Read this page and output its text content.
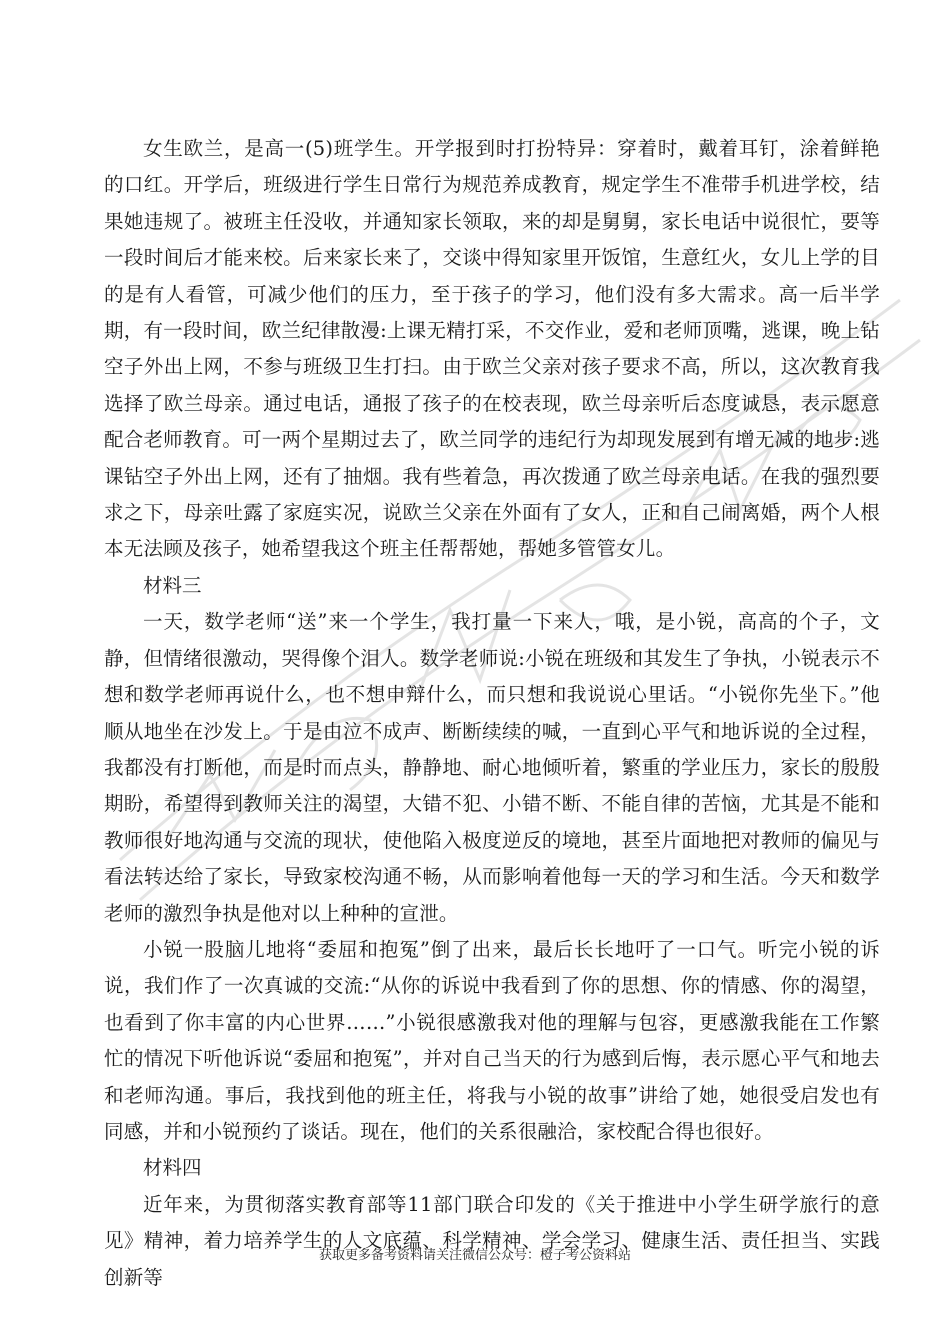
女生欧兰，是高一(5)班学生。开学报到时打扮特异：穿着时，戴着耳钉，涂着鲜艳的口红。开学后，班级进行学生日常行为规范养成教育，规定学生不准带手机进学校，结果她违规了。被班主任没收，并通知家长领取，来的却是舅舅，家长电话中说很忙，要等一段时间后才能来校。后来家长来了，交谈中得知家里开饭馆，生意红火，女儿上学的目的是有人看管，可减少他们的压力，至于孩子的学习，他们没有多大需求。高一后半学期，有一段时间，欧兰纪律散漫:上课无精打采，不交作业，爱和老师顶嘴，逃课，晚上钻空子外出上网，不参与班级卫生打扫。由于欧兰父亲对孩子要求不高，所以，这次教育我选择了欧兰母亲。通过电话，通报了孩子的在校表现，欧兰母亲听后态度诚恳，表示愿意配合老师教育。可一两个星期过去了，欧兰同学的违纪行为却现发展到有增无减的地步:逃课钻空子外出上网，还有了抽烟。我有些着急，再次拨通了欧兰母亲电话。在我的强烈要求之下，母亲吐露了家庭实况，说欧兰父亲在外面有了女人，正和自己闹离婚，两个人根本无法顾及孩子，她希望我这个班主任帮帮她，帮她多管管女儿。

材料三

一天，数学老师“送”来一个学生，我打量一下来人，哦，是小锐，高高的个子，文静，但情绪很激动，哭得像个泪人。数学老师说:小锐在班级和其发生了争执，小锐表示不想和数学老师再说什么，也不想申辩什么，而只想和我说说心里话。“小锐你先坐下。”他顺从地坐在沙发上。于是由泣不成声、断断续续的喊，一直到心平气和地诉说的全过程，我都没有打断他，而是时而点头，静静地、耐心地倾听着，繁重的学业压力，家长的殷殷期盼，希望得到教师关注的渴望，大错不犯、小错不断、不能自律的苦恼，尤其是不能和教师很好地沟通与交流的现状，使他陷入极度逆反的境地，甚至片面地把对教师的偏见与看法转达给了家长，导致家校沟通不畅，从而影响着他每一天的学习和生活。今天和数学老师的激烈争执是他对以上种种的宣泄。

小锐一股脑儿地将“委屈和抱冤”倒了出来，最后长长地吁了一口气。听完小锐的诉说，我们作了一次真诚的交流:“从你的诉说中我看到了你的思想、你的情感、你的渴望，也看到了你丰富的内心世界……”小锐很感激我对他的理解与包容，更感激我能在工作繁忙的情况下听他诉说“委屈和抱冤”，并对自己当天的行为感到后悔，表示愿心平气和地去和老师沟通。事后，我找到他的班主任，将我与小锐的故事”讲给了她，她很受启发也有同感，并和小锐预约了谈话。现在，他们的关系很融洽，家校配合得也很好。

材料四

近年来，为贯彻落实教育部等11部门联合印发的《关于推进中小学生研学旅行的意见》精神，着力培养学生的人文底蕴、科学精神、学会学习、健康生活、责任担当、实践创新等

获取更多备考资料请关注微信公众号：橙子考公资料站
